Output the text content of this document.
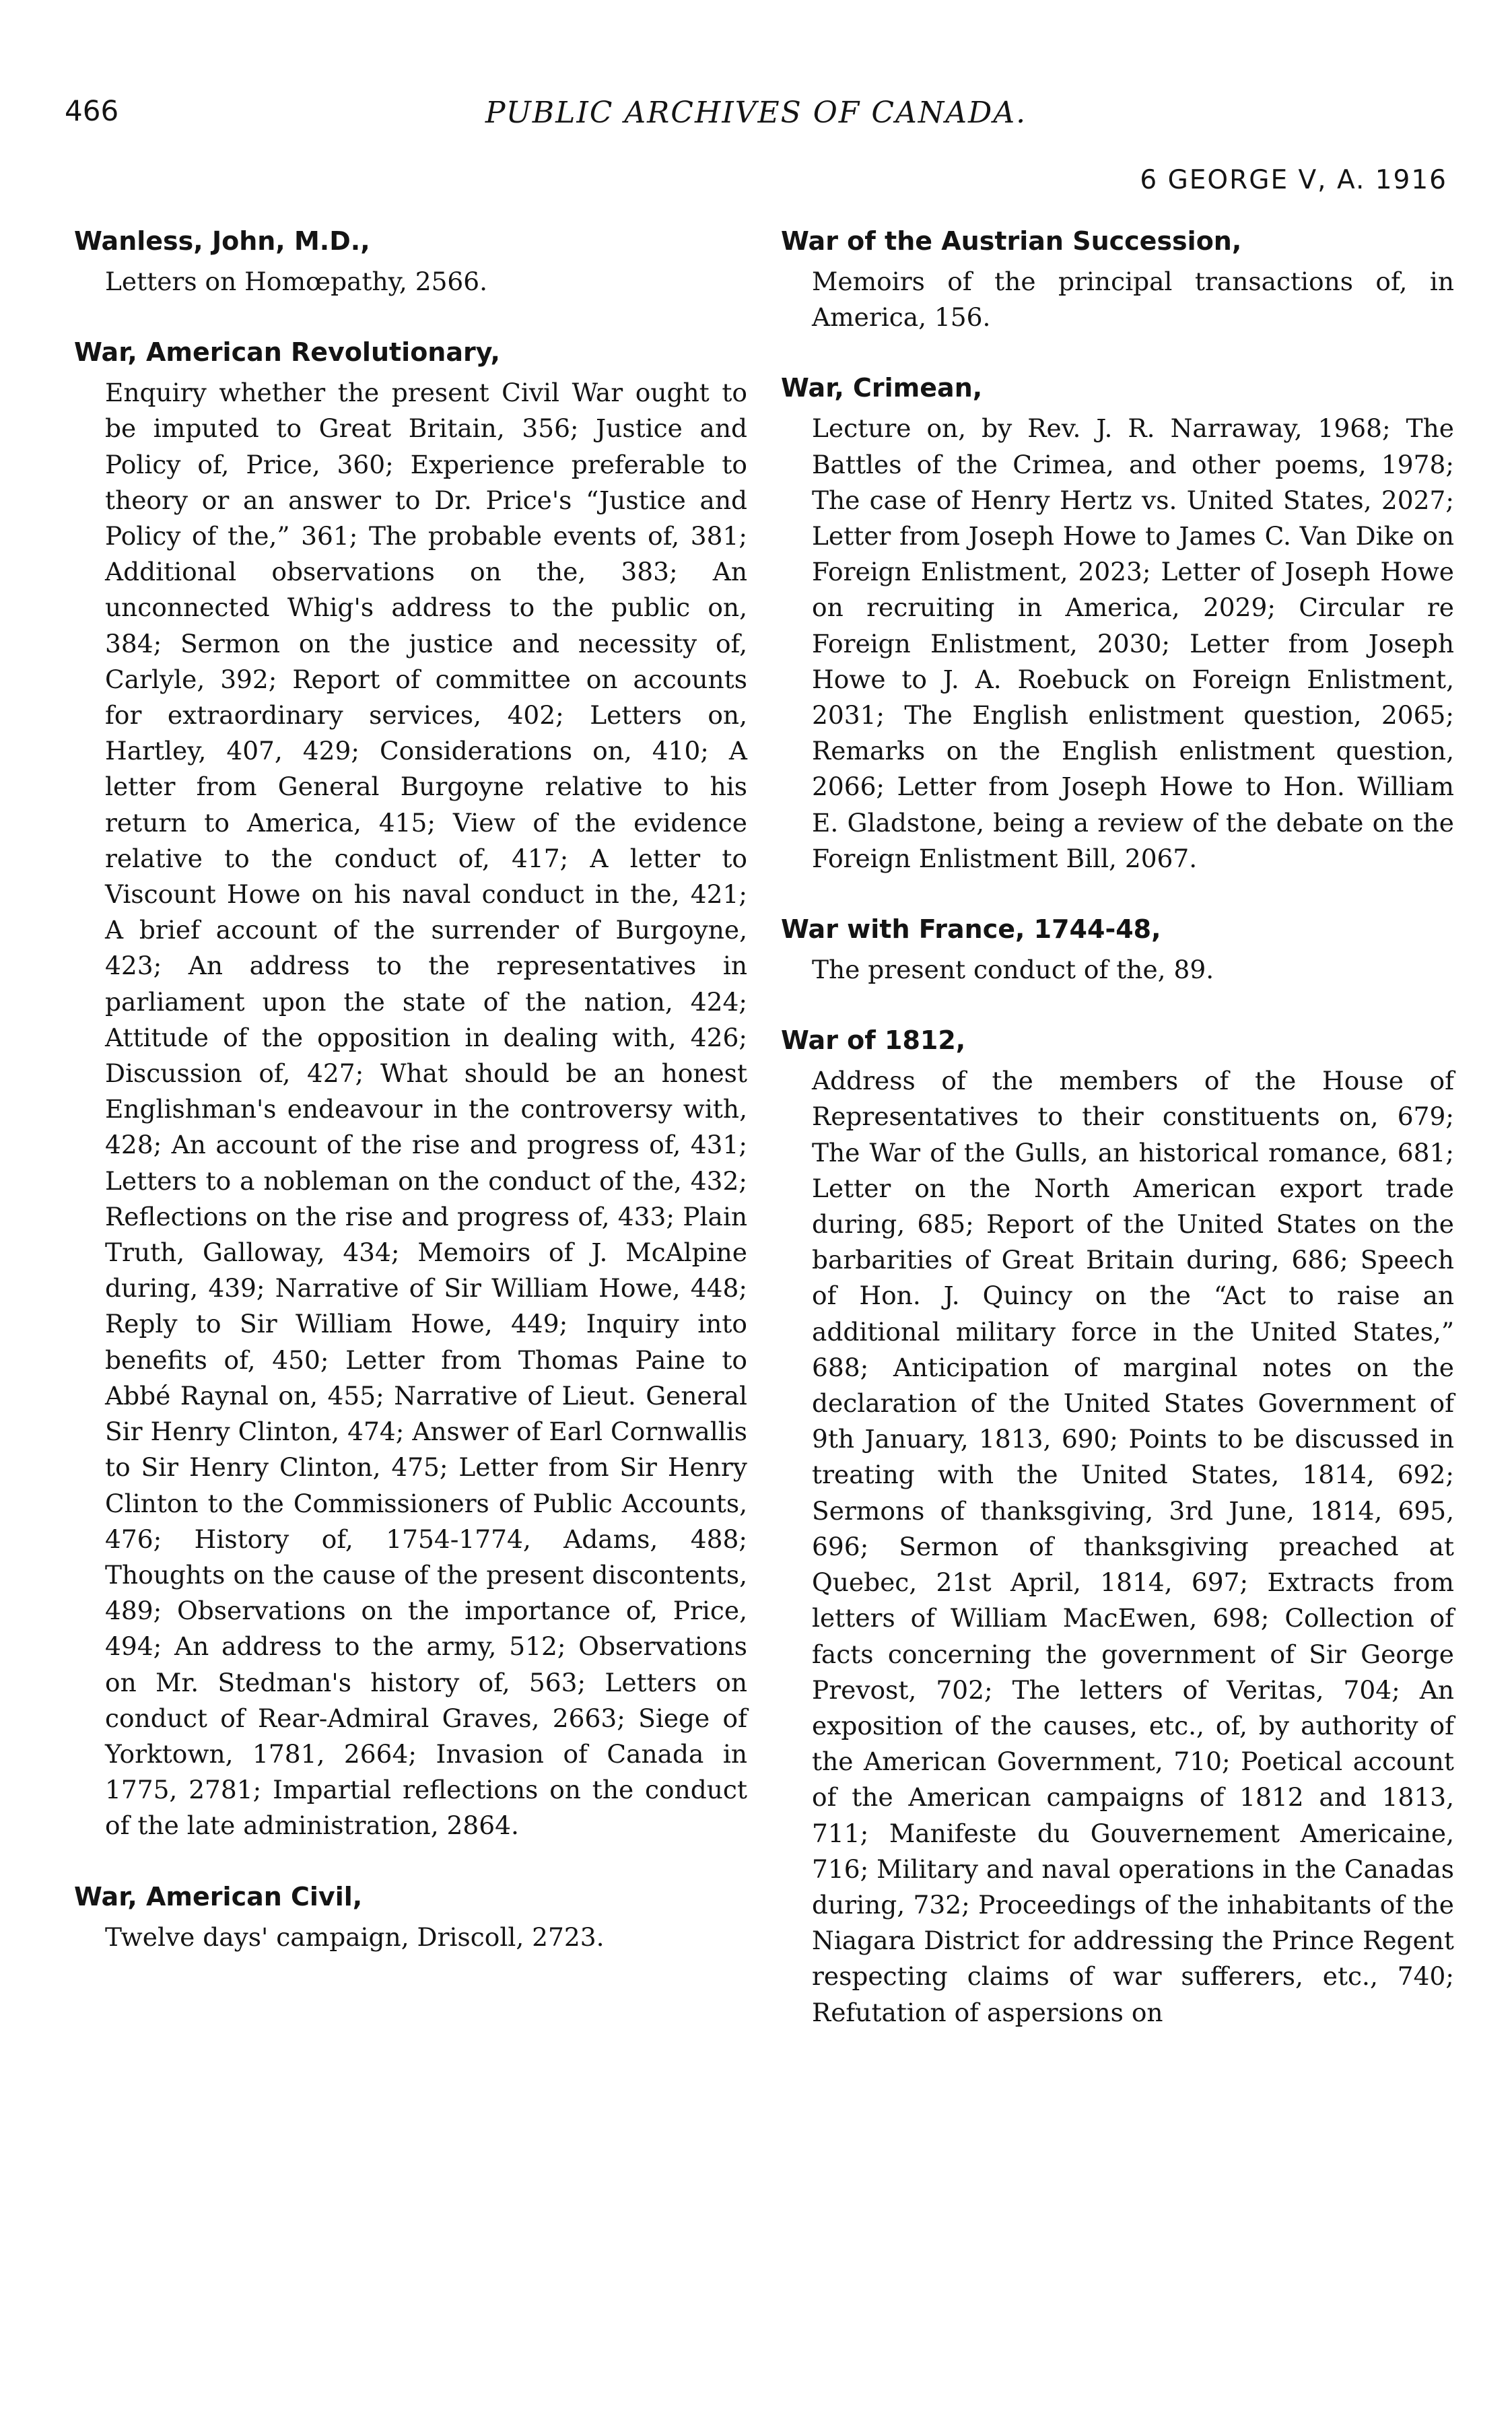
466	PUBLIC ARCHIVES OF CANADA.
6 GEORGE V, A. 1916
Wanless, John, M.D.,
Letters on Homœpathy, 2566.
War, American Revolutionary,
Enquiry whether the present Civil War ought to be imputed to Great Britain, 356; Justice and Policy of, Price, 360; Experience preferable to theory or an answer to Dr. Price's “Justice and Policy of the,” 361; The probable events of, 381; Additional observations on the, 383; An unconnected Whig's address to the public on, 384; Sermon on the justice and necessity of, Carlyle, 392; Report of committee on accounts for extraordinary services, 402; Letters on, Hartley, 407, 429; Considerations on, 410; A letter from General Burgoyne relative to his return to America, 415; View of the evidence relative to the conduct of, 417; A letter to Viscount Howe on his naval conduct in the, 421; A brief account of the surrender of Burgoyne, 423; An address to the representatives in parliament upon the state of the nation, 424; Attitude of the opposition in dealing with, 426; Discussion of, 427; What should be an honest Englishman's endeavour in the controversy with, 428; An account of the rise and progress of, 431; Letters to a nobleman on the conduct of the, 432; Reflections on the rise and progress of, 433; Plain Truth, Galloway, 434; Memoirs of J. McAlpine during, 439; Narrative of Sir William Howe, 448; Reply to Sir William Howe, 449; Inquiry into benefits of, 450; Letter from Thomas Paine to Abbé Raynal on, 455; Narrative of Lieut. General Sir Henry Clinton, 474; Answer of Earl Cornwallis to Sir Henry Clinton, 475; Letter from Sir Henry Clinton to the Commissioners of Public Accounts, 476; History of, 1754-1774, Adams, 488; Thoughts on the cause of the present discontents, 489; Observations on the importance of, Price, 494; An address to the army, 512; Observations on Mr. Stedman's history of, 563; Letters on conduct of Rear-Admiral Graves, 2663; Siege of Yorktown, 1781, 2664; Invasion of Canada in 1775, 2781; Impartial reflections on the conduct of the late administration, 2864.
War, American Civil,
Twelve days' campaign, Driscoll, 2723.
War of the Austrian Succession,
Memoirs of the principal transactions of, in America, 156.
War, Crimean,
Lecture on, by Rev. J. R. Narraway, 1968; The Battles of the Crimea, and other poems, 1978; The case of Henry Hertz vs. United States, 2027; Letter from Joseph Howe to James C. Van Dike on Foreign Enlistment, 2023; Letter of Joseph Howe on recruiting in America, 2029; Circular re Foreign Enlistment, 2030; Letter from Joseph Howe to J. A. Roebuck on Foreign Enlistment, 2031; The English enlistment question, 2065; Remarks on the English enlistment question, 2066; Letter from Joseph Howe to Hon. William E. Gladstone, being a review of the debate on the Foreign Enlistment Bill, 2067.
War with France, 1744-48,
The present conduct of the, 89.
War of 1812,
Address of the members of the House of Representatives to their constituents on, 679; The War of the Gulls, an historical romance, 681; Letter on the North American export trade during, 685; Report of the United States on the barbarities of Great Britain during, 686; Speech of Hon. J. Quincy on the “Act to raise an additional military force in the United States,” 688; Anticipation of marginal notes on the declaration of the United States Government of 9th January, 1813, 690; Points to be discussed in treating with the United States, 1814, 692; Sermons of thanksgiving, 3rd June, 1814, 695, 696; Sermon of thanksgiving preached at Quebec, 21st April, 1814, 697; Extracts from letters of William MacEwen, 698; Collection of facts concerning the government of Sir George Prevost, 702; The letters of Veritas, 704; An exposition of the causes, etc., of, by authority of the American Government, 710; Poetical account of the American campaigns of 1812 and 1813, 711; Manifeste du Gouvernement Americaine, 716; Military and naval operations in the Canadas during, 732; Proceedings of the inhabitants of the Niagara District for addressing the Prince Regent respecting claims of war sufferers, etc., 740; Refutation of aspersions on
